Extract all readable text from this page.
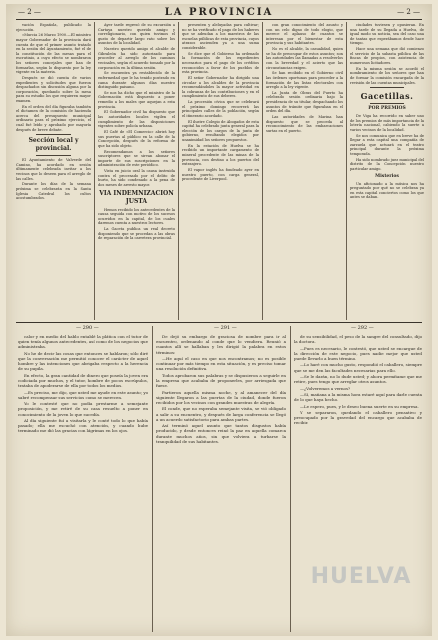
— 2 —	LA PROVINCIA	— 2 —

vación Española, publicado la ejecución.

«Murcia 26 Marzo 1900.—El ministro mayor Gobernador de la provincia dará cuenta de que el primer asunto tratado en la sesión del Ayuntamiento, fué el de la constitución de las mesas para el escrutinio, a cuyo efecto se nombraron los señores concejales que han de formarlas, según lo dispuesto por la ley vigente en la materia.

Después se dió cuenta de varios expedientes y solicitudes que fueron despachados sin discusión alguna por la corporación, quedando sobre la mesa para su estudio los que requieren mayor examen.

En el orden del día figuraba también el dictamen de la comisión de hacienda acerca del presupuesto municipal ordinario para el próximo ejercicio, el cual fué leído y aprobado por mayoría después de breve debate.

Sección local y provincial.

El Ayuntamiento de Valverde del Camino, ha acordado en sesión últimamente celebrada invitar a los vecinos que lo deseen para el arreglo de las calles.

Durante los días de la semana próxima se celebrarán en la Santa Iglesia Catedral los cultos acostumbrados.

Ayer tarde regresó de su excursión a Cartaya nuestro querido amigo y correligionario, con quien tuvimos el gusto de departir largo rato sobre los asuntos de la localidad.

Nuestro querido amigo el alcalde de Gibraleón ha sido autorizado para proceder al arreglo de los caminos vecinales, según el acuerdo tomado por la corporación en la última sesión.

Se encuentra ya restablecido de la enfermedad que le ha tenido postrado en cama durante algunos días nuestro distinguido paisano.

Se nos ha dicho que el ministro de la Gobernación está dispuesto a poner remedio a los males que aquejan a esta provincia.

El Gobernador civil ha dispuesto que las autoridades locales vigilen el cumplimiento de las disposiciones vigentes sobre policía urbana.

El Café de «El Comercio» abrirá hoy sus puertas al público en la calle de la Concepción, después de la reforma de que ha sido objeto.

Recomendamos a los señores suscriptores que se sirvan abonar el importe de sus suscripciones en la administración de este periódico.

Vista en juicio oral la causa instruida contra el procesado por el delito de hurto, ha sido condenado a la pena de dos meses de arresto mayor.

VIA INDEMNIZACION JUSTA

Hemos recibido los antecedentes de la causa seguida con motivo de los sucesos ocurridos en la capital, de los cuales daremos cuenta a nuestros lectores.

La Gaceta publica un real decreto disponiendo que se procedan a las obras de reparación de la carretera provincial.

presenten y aleluyadas para cultivar; no se ha verificado el pago de los haberes que se adeudan a los maestros de las escuelas públicas de esta provincia, cuyos atrasos ascienden ya a una suma considerable.

Se dice que el Gobierno ha ordenado la formación de los expedientes necesarios para el pago de los créditos reconocidos a favor de los pueblos de esta provincia.

El señor Gobernador ha dirigido una circular a los alcaldes de la provincia recomendándoles la mayor actividad en la cobranza de las contribuciones y en el cumplimiento de sus deberes.

La procesión cívica que se celebrará el próximo domingo recorrerá las principales calles de la población, según el itinerario acordado.

El ilustre Colegio de Abogados de esta capital ha celebrado junta general para la elección de los cargos de la junta de gobierno, resultando elegidos por unanimidad los señores propuestos.

En la estación de Huelva se ha recibido un importante cargamento de mineral procedente de las minas de la provincia, con destino a los puertos del extranjero.

El vapor inglés ha fondeado ayer en nuestro puerto, con carga general, procedente de Liverpool.

con gran conocimiento del asunto y con un celo digno de todo elogio, que merece el aplauso de cuantos se interesan por el bienestar de esta provincia y sus habitantes.

No es el alcalde, la casualidad, quien se ha de preocupar de estos asuntos; son las autoridades las llamadas a resolverlos con la brevedad y el acierto que las circunstancias exigen.

Se han recibido en el Gobierno civil las órdenes oportunas para proceder a la formación de las listas electorales con arreglo a la ley vigente.

La Junta de Obras del Puerto ha celebrado sesión ordinaria bajo la presidencia de su titular, despachando los asuntos de trámite que figuraban en el orden del día.

Las autoridades de Marina han dispuesto que se proceda al reconocimiento de las embarcaciones surtas en el puerto.

ciudades tuviesen y opusieran. En una tarde de su llegada a Huelva, de igual modo su noticia, sea del caso una de tantas que esperábamos desde hace tiempo.

Hace una semana que dió comienzo el servicio de la subasta pública de las fincas de propios, con asistencia de numerosos licitadores.

En la misma sesión se acordó el nombramiento de los señores que han de formar la comisión encargada de la revisión de las cuentas municipales.

Gacetillas.
POR PREMIOS

De Viga ha recorrido en saber uno de los premios de más importancia de la lotería nacional, cabiendo la suerte a varios vecinos de la localidad.

Se nos comunica que en breve ha de llegar a esta capital una compañía de zarzuela que actuará en el teatro principal durante la próxima temporada.

Ha sido nombrado juez municipal del distrito de la Concepción nuestro particular amigo.

Misterios

Un aficionado a la música nos ha preguntado por qué no se celebran ya en esta capital conciertos como los que antes se daban.

— 290 —	— 291 —	— 292 —

calor y en medio del hablo entablé la plática con el tutor de quien tenía algunos antecedentes, así como de los negocios que administraba.

No he de decir las cosas que entonces se hablaron; sólo diré que la conversación me permitió conocer el carácter de aquel hombre y las intenciones que abrigaba respecto a la herencia de su pupila.

En efecto, la gran cantidad de dinero que poseía la joven era codiciada por muchos, y el tutor, hombre de pocos escrúpulos, trataba de apoderarse de ella por todos los medios.

—Es preciso, me dijo, que usted me ayude en este asunto; yo sabré recompensar sus servicios como se merecen.

Yo le contesté que no podía prestarme a semejante proposición, y me retiré de su casa resuelto a poner en conocimiento de la joven lo que sucedía.

Al día siguiente fuí a visitarla y le conté todo lo que había pasado; ella me escuchó con atención, y cuando hube terminado me dió las gracias con lágrimas en los ojos.

De dejó su embargo de graciosa de nombre para ir al encuentro, ordenando al conde que lo vendiera. Reunió a cuantos allí se hallaban y les dirigió la palabra en estos términos:

—He aquí el caso en que nos encontramos; no es posible continuar por más tiempo en esta situación, y es preciso tomar una resolución definitiva.

Todos aprobaron sus palabras y se dispusieron a seguirle en la empresa que acababa de proponerles, por arriesgada que fuese.

Partieron aquella misma noche, y al amanecer del día siguiente llegaron a las puertas de la ciudad, donde fueron recibidos por los vecinos con grandes muestras de alegría.

El conde, que no esperaba semejante visita, se vió obligado a salir a su encuentro, y después de larga conferencia se llegó a un acuerdo satisfactorio para ambas partes.

Así terminó aquel asunto que tantos disgustos había producido, y desde entonces reinó la paz en aquella comarca durante muchos años, sin que volviera a turbarse la tranquilidad de sus habitantes.

de su sensibilidad, el peso de la sangre del consultado, dijo la doctora.

—Pues es necesario, le contestó, que usted se encargue de la dirección de este negocio, pues nadie mejor que usted puede llevarlo a buen término.

—Lo haré con mucho gusto, respondió el caballero, siempre que se me den las facultades necesarias para ello.

—Se le darán, no lo dude usted; y ahora permítame que me retire, pues tengo que arreglar otros asuntos.

—¿Volveremos a vernos?

—Sí, mañana a la misma hora estaré aquí para darle cuenta de lo que haya hecho.

—Le espero, pues, y le deseo buena suerte en su empresa.

Y se separaron, quedando el caballero pensativo y preocupado por la gravedad del encargo que acababa de recibir.

HUELVA
